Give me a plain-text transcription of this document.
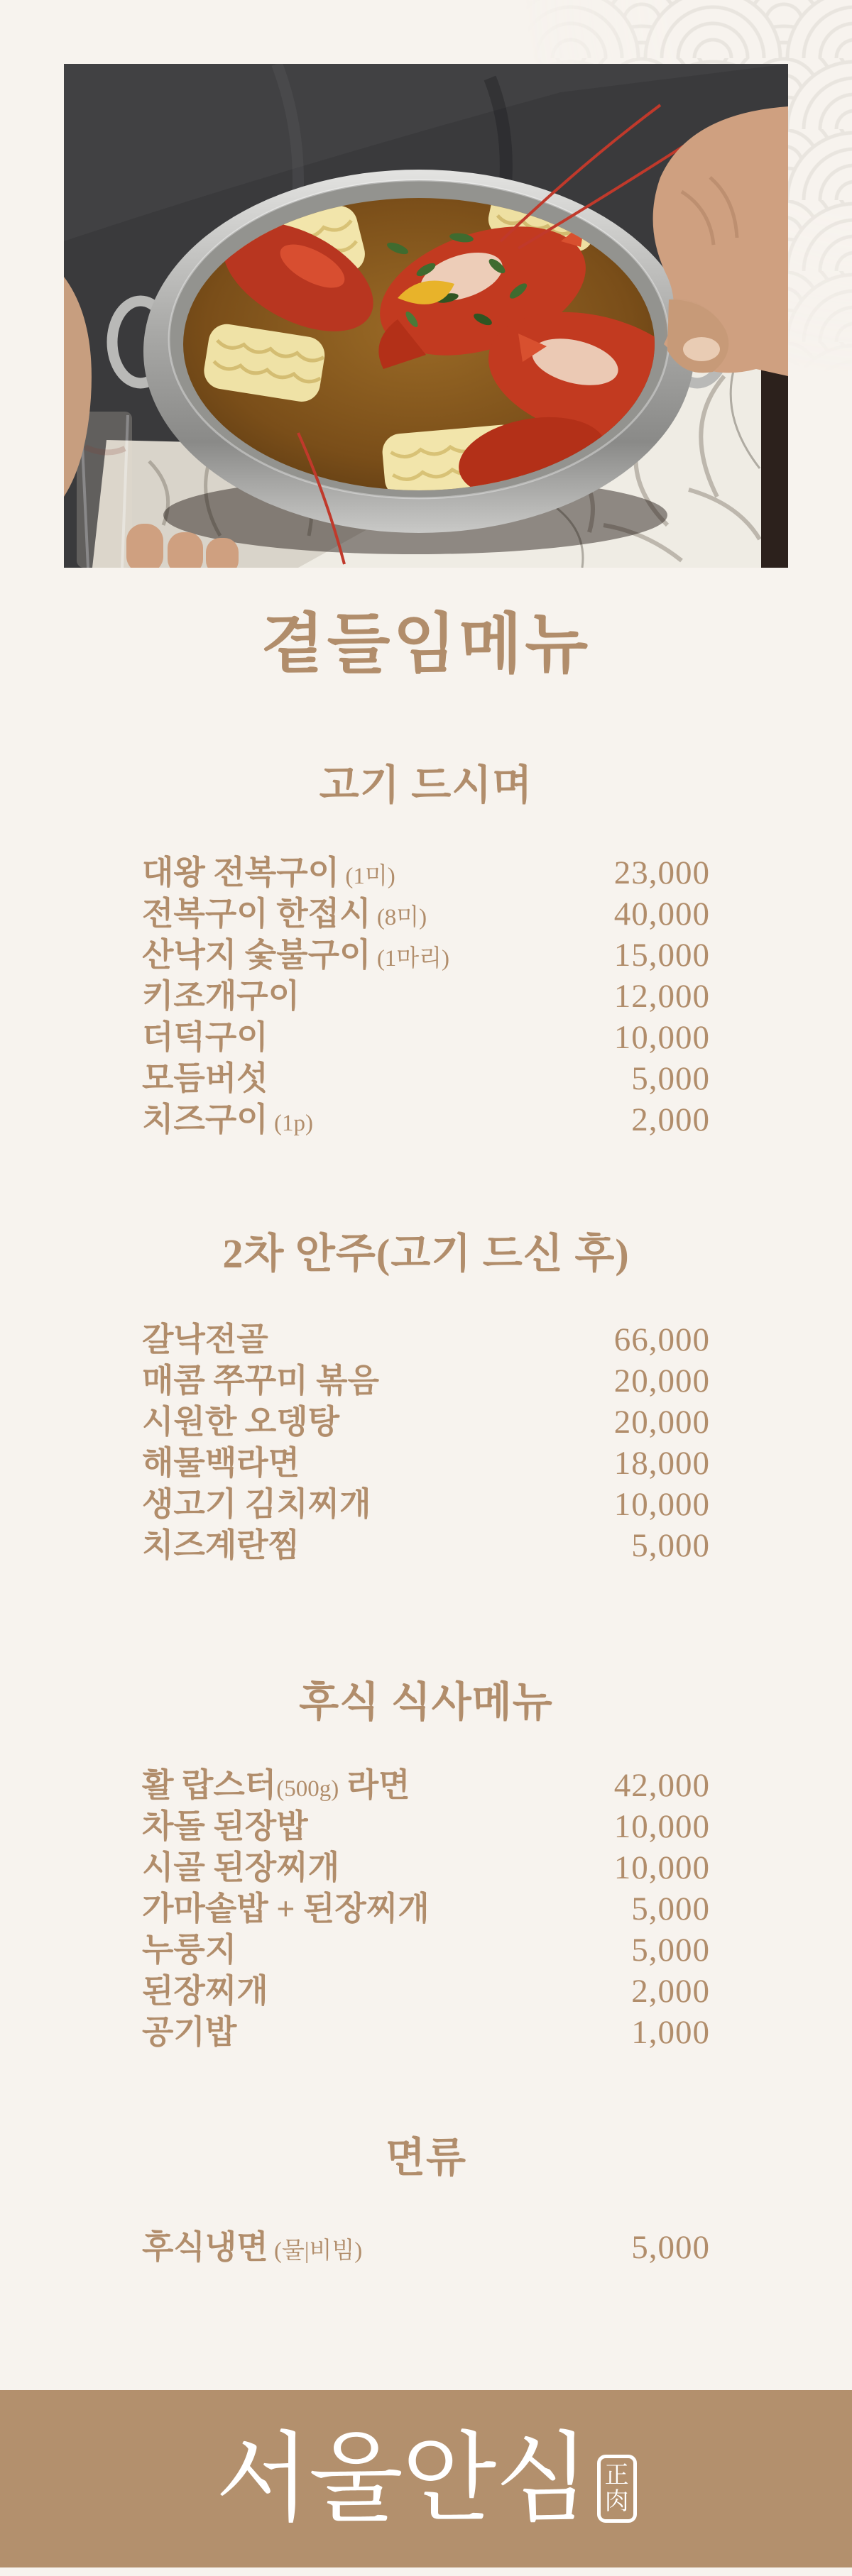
곁들임메뉴
고기 드시며
대왕 전복구이 (1미)	23,000
전복구이 한접시 (8미)	40,000
산낙지 숯불구이 (1마리)	15,000
키조개구이	12,000
더덕구이	10,000
모듬버섯	5,000
치즈구이 (1p)	2,000
2차 안주(고기 드신 후)
갈낙전골	66,000
매콤 쭈꾸미 볶음	20,000
시원한 오뎅탕	20,000
해물백라면	18,000
생고기 김치찌개	10,000
치즈계란찜	5,000
후식 식사메뉴
활 랍스터(500g) 라면	42,000
차돌 된장밥	10,000
시골 된장찌개	10,000
가마솥밥 + 된장찌개	5,000
누룽지	5,000
된장찌개	2,000
공기밥	1,000
면류
후식냉면 (물|비빔)	5,000
서울안심 正
肉
